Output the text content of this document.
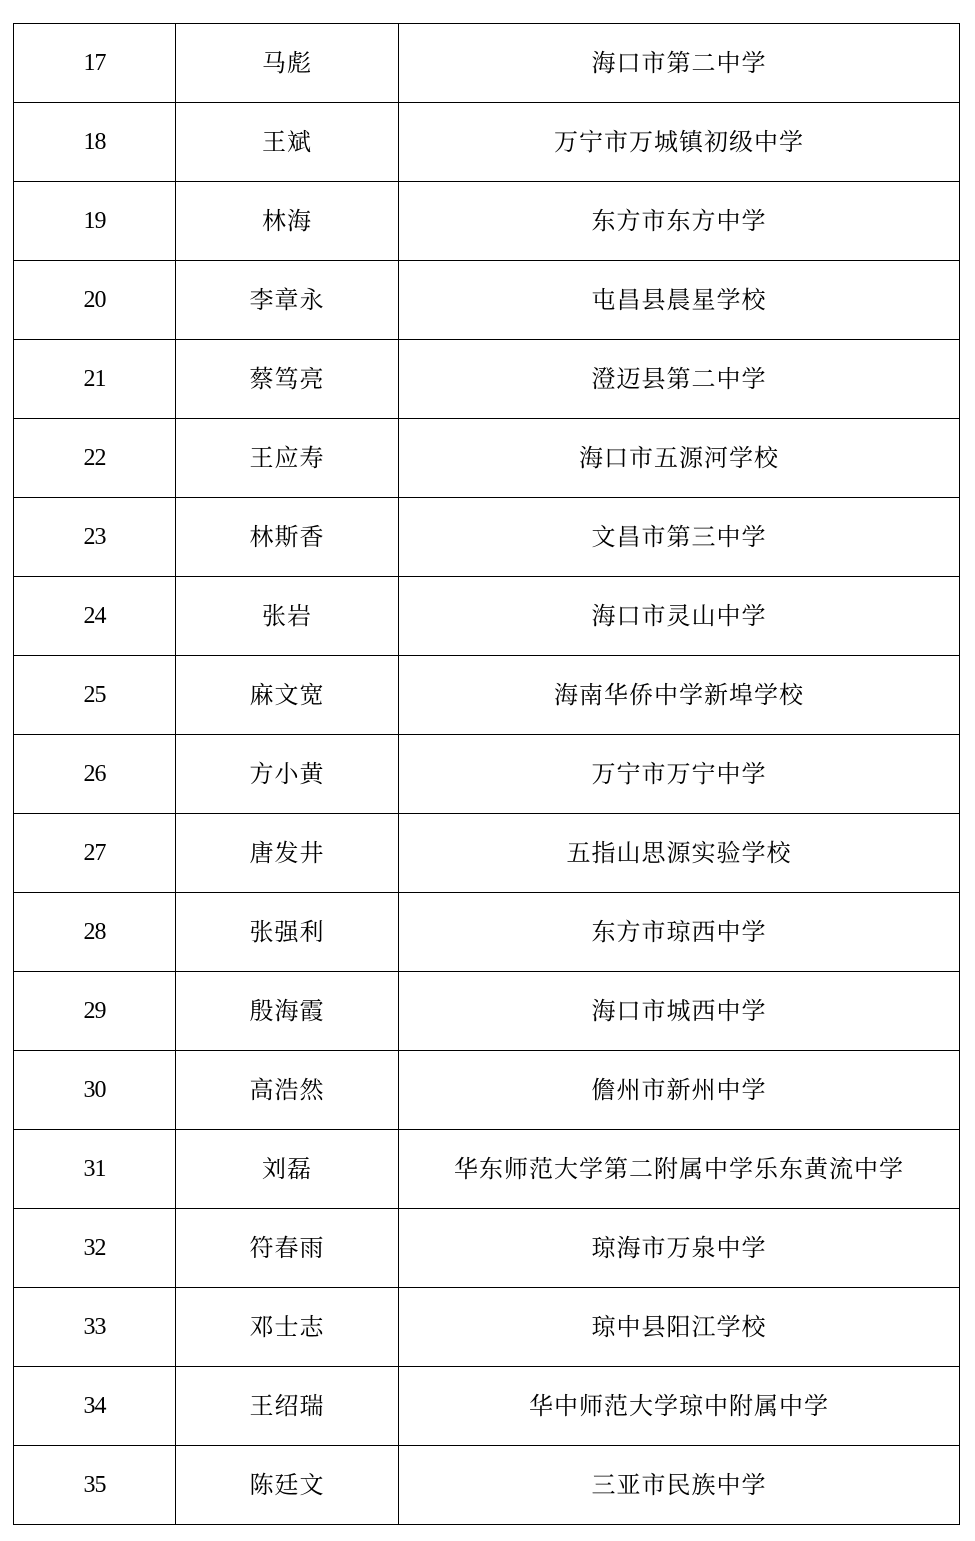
17	马彪	海口市第二中学
18	王斌	万宁市万城镇初级中学
19	林海	东方市东方中学
20	李章永	屯昌县晨星学校
21	蔡笃亮	澄迈县第二中学
22	王应寿	海口市五源河学校
23	林斯香	文昌市第三中学
24	张岩	海口市灵山中学
25	麻文宽	海南华侨中学新埠学校
26	方小黄	万宁市万宁中学
27	唐发井	五指山思源实验学校
28	张强利	东方市琼西中学
29	殷海霞	海口市城西中学
30	高浩然	儋州市新州中学
31	刘磊	华东师范大学第二附属中学乐东黄流中学
32	符春雨	琼海市万泉中学
33	邓士志	琼中县阳江学校
34	王绍瑞	华中师范大学琼中附属中学
35	陈廷文	三亚市民族中学
